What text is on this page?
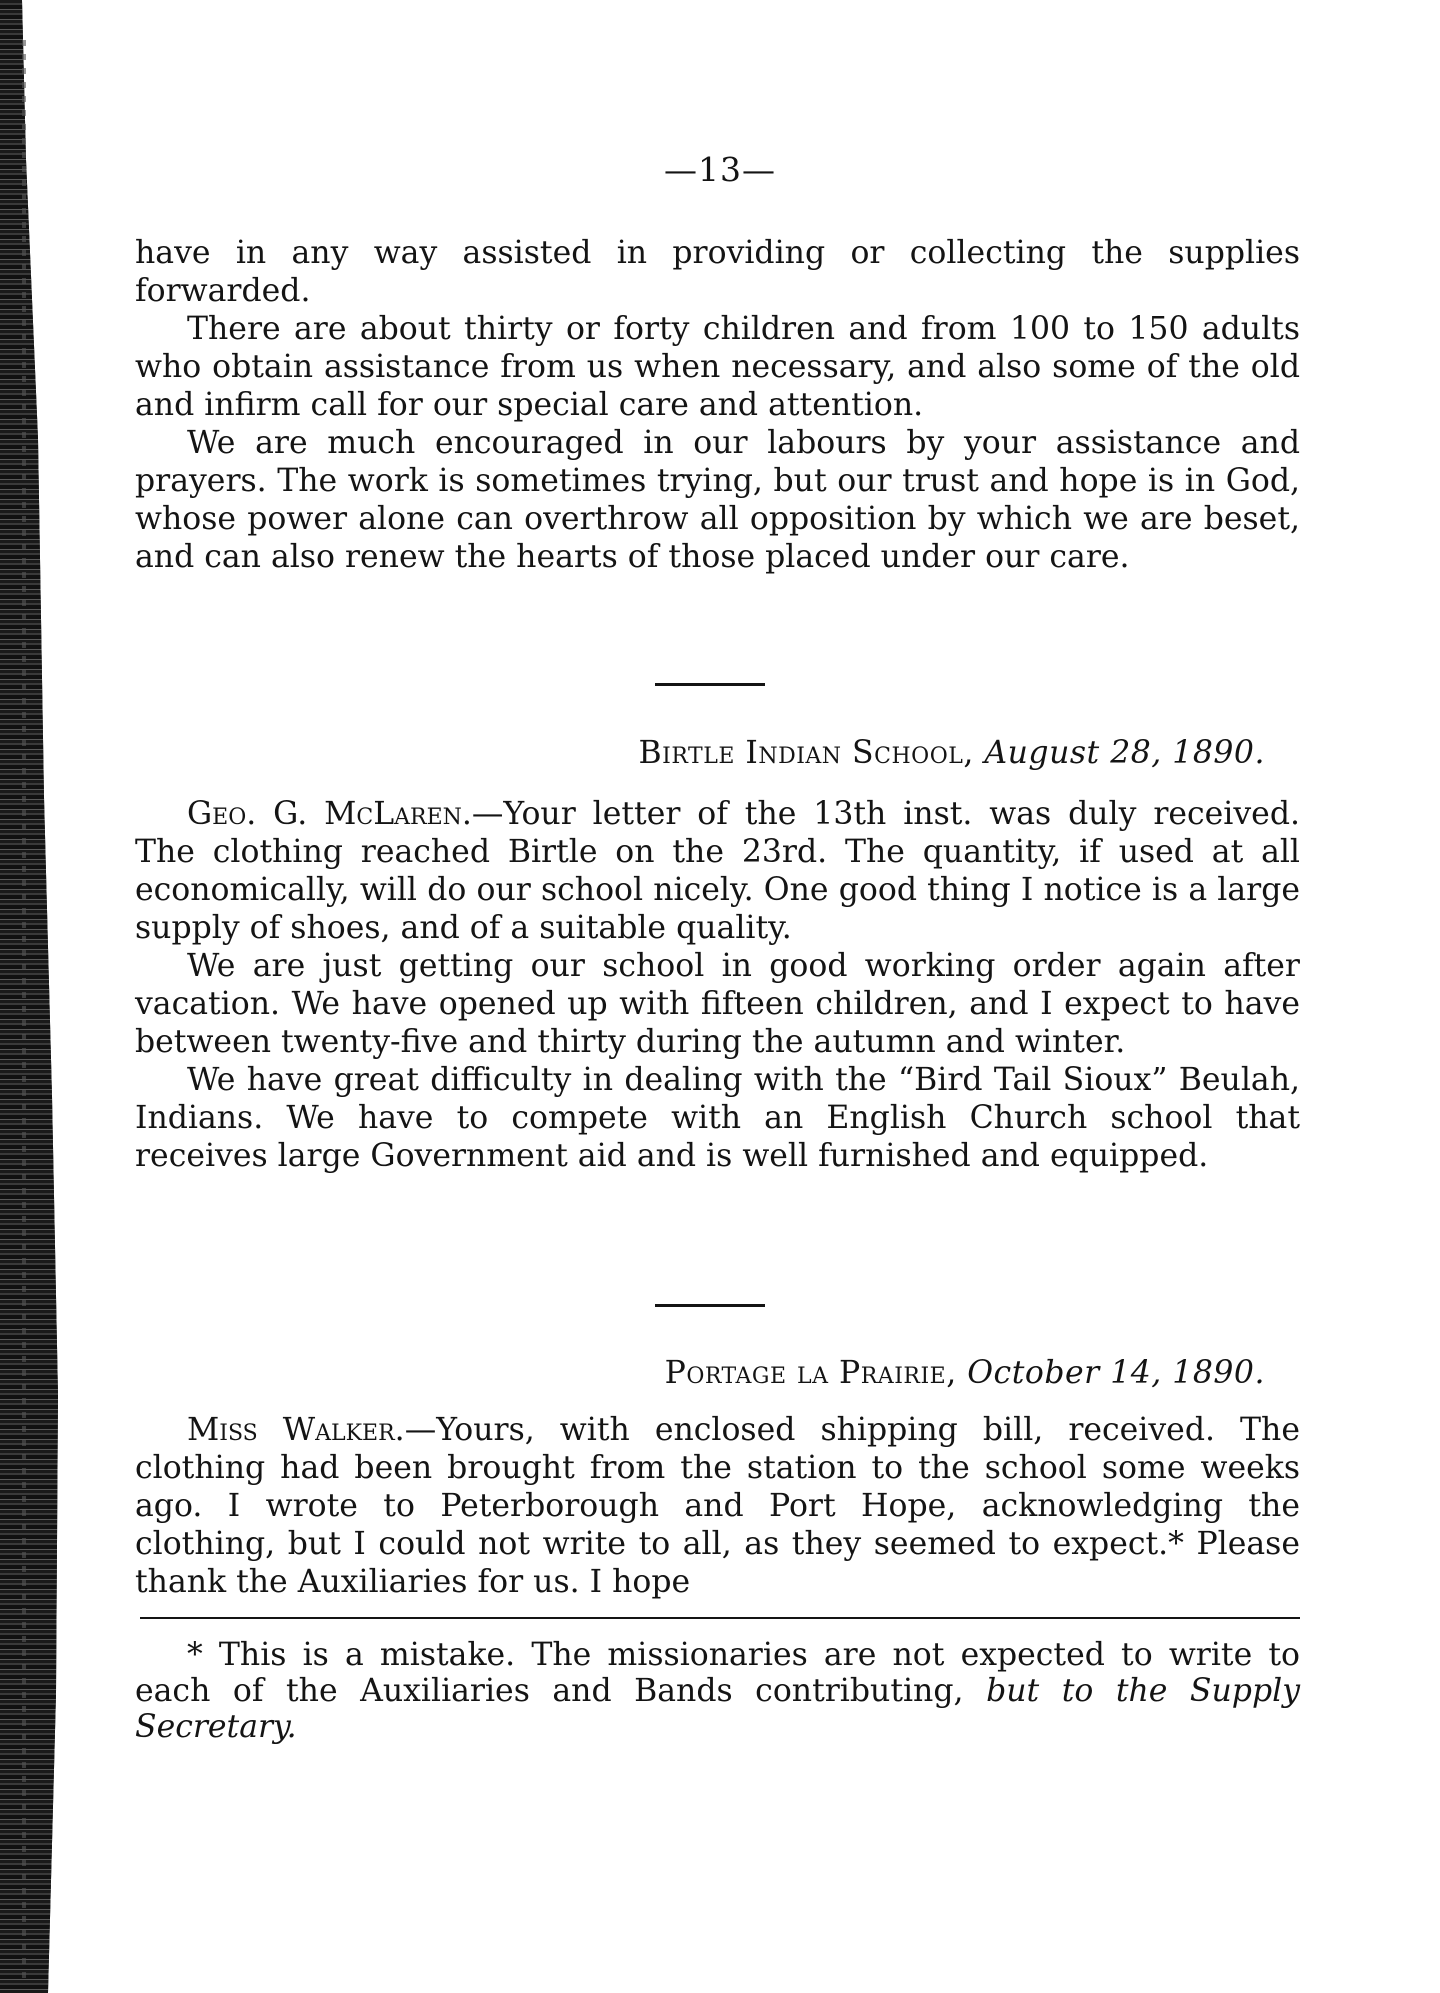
—13—

have in any way assisted in providing or collecting the supplies forwarded.

There are about thirty or forty children and from 100 to 150 adults who obtain assistance from us when necessary, and also some of the old and infirm call for our special care and attention.

We are much encouraged in our labours by your assistance and prayers. The work is sometimes trying, but our trust and hope is in God, whose power alone can overthrow all opposition by which we are beset, and can also renew the hearts of those placed under our care.

Birtle Indian School, August 28, 1890.

Geo. G. McLaren.—Your letter of the 13th inst. was duly received. The clothing reached Birtle on the 23rd. The quantity, if used at all economically, will do our school nicely. One good thing I notice is a large supply of shoes, and of a suitable quality.

We are just getting our school in good working order again after vacation. We have opened up with fifteen children, and I expect to have between twenty-five and thirty during the autumn and winter.

We have great difficulty in dealing with the “Bird Tail Sioux” Beulah, Indians. We have to compete with an English Church school that receives large Government aid and is well furnished and equipped.

Portage la Prairie, October 14, 1890.

Miss Walker.—Yours, with enclosed shipping bill, received. The clothing had been brought from the station to the school some weeks ago. I wrote to Peterborough and Port Hope, acknowledging the clothing, but I could not write to all, as they seemed to expect.* Please thank the Auxiliaries for us. I hope

* This is a mistake. The missionaries are not expected to write to each of the Auxiliaries and Bands contributing, but to the Supply Secretary.
